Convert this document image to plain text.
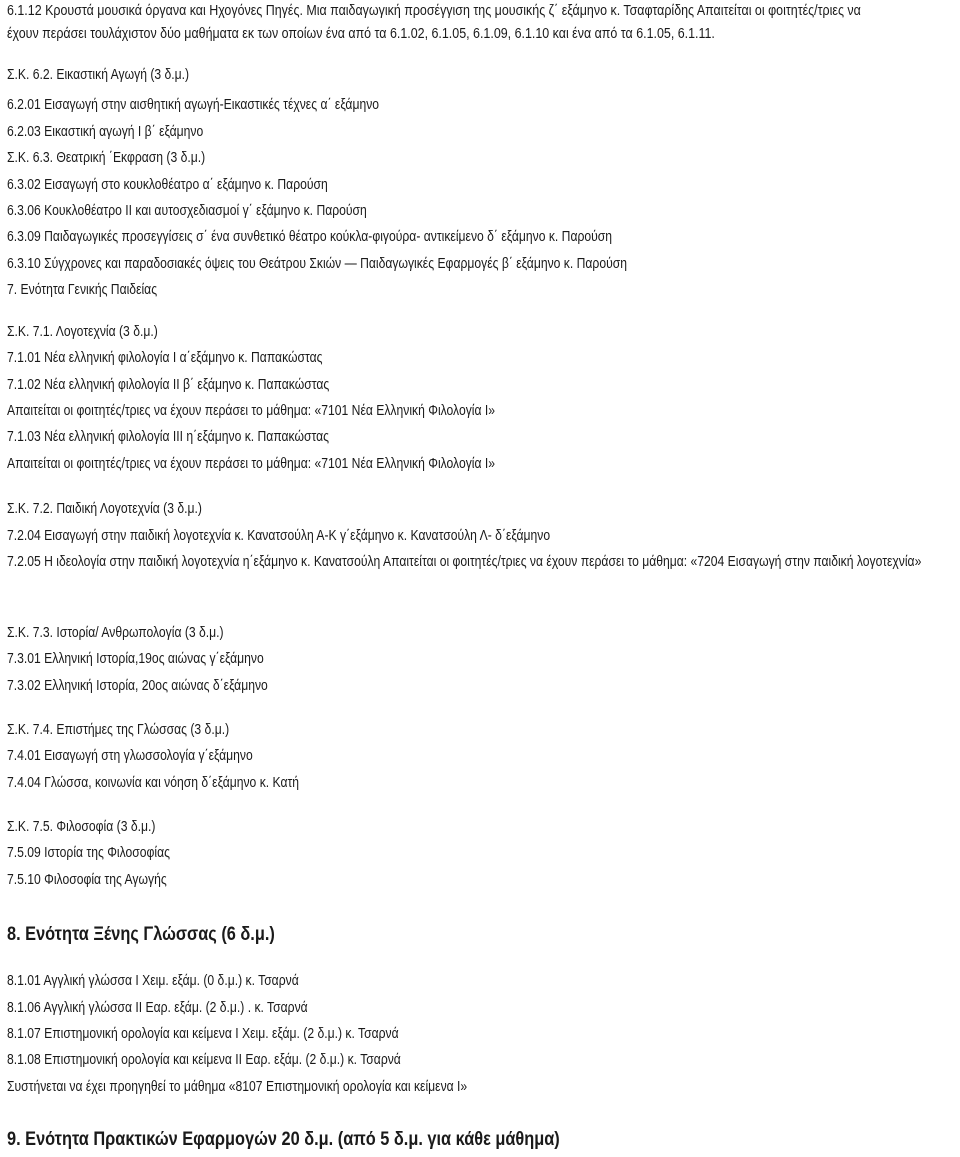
6.1.12 Κρουστά μουσικά όργανα και Ηχογόνες Πηγές. Μια παιδαγωγική προσέγγιση της μουσικής ζ΄ εξάμηνο κ. Τσαφταρίδης Απαιτείται οι φοιτητές/τριες να
έχουν περάσει τουλάχιστον δύο μαθήματα εκ των οποίων ένα από τα 6.1.02, 6.1.05, 6.1.09, 6.1.10 και ένα από τα 6.1.05, 6.1.11.
Σ.Κ. 6.2. Εικαστική Αγωγή (3 δ.μ.)
6.2.01 Εισαγωγή στην αισθητική αγωγή-Εικαστικές τέχνες α΄ εξάμηνο
6.2.03 Εικαστική αγωγή Ι β΄ εξάμηνο
Σ.Κ. 6.3. Θεατρική ΄Εκφραση (3 δ.μ.)
6.3.02 Εισαγωγή στο κουκλοθέατρο α΄ εξάμηνο κ. Παρούση
6.3.06 Κουκλοθέατρο ΙΙ και αυτοσχεδιασμοί γ΄ εξάμηνο κ. Παρούση
6.3.09 Παιδαγωγικές προσεγγίσεις σ΄ ένα συνθετικό θέατρο κούκλα-φιγούρα- αντικείμενο δ΄ εξάμηνο κ. Παρούση
6.3.10 Σύγχρονες και παραδοσιακές όψεις του Θεάτρου Σκιών — Παιδαγωγικές Εφαρμογές β΄ εξάμηνο κ. Παρούση
7. Ενότητα Γενικής Παιδείας
Σ.Κ. 7.1. Λογοτεχνία (3 δ.μ.)
7.1.01 Νέα ελληνική φιλολογία Ι α΄εξάμηνο κ. Παπακώστας
7.1.02 Νέα ελληνική φιλολογία ΙΙ β΄ εξάμηνο κ. Παπακώστας
Απαιτείται οι φοιτητές/τριες να έχουν περάσει το μάθημα: «7101 Νέα Ελληνική Φιλολογία Ι»
7.1.03 Νέα ελληνική φιλολογία ΙΙΙ η΄εξάμηνο κ. Παπακώστας
Απαιτείται οι φοιτητές/τριες να έχουν περάσει το μάθημα: «7101 Νέα Ελληνική Φιλολογία Ι»
Σ.Κ. 7.2. Παιδική Λογοτεχνία (3 δ.μ.)
7.2.04 Εισαγωγή στην παιδική λογοτεχνία κ. Κανατσούλη Α-Κ γ΄εξάμηνο κ. Κανατσούλη Λ- δ΄εξάμηνο
7.2.05 Η ιδεολογία στην παιδική λογοτεχνία η΄εξάμηνο κ. Κανατσούλη Απαιτείται οι φοιτητές/τριες να έχουν περάσει το μάθημα: «7204 Εισαγωγή στην παιδική λογοτεχνία»
Σ.Κ. 7.3. Ιστορία/ Ανθρωπολογία (3 δ.μ.)
7.3.01 Ελληνική Ιστορία,19ος αιώνας γ΄εξάμηνο
7.3.02 Ελληνική Ιστορία, 20ος αιώνας δ΄εξάμηνο
Σ.Κ. 7.4. Επιστήμες της Γλώσσας (3 δ.μ.)
7.4.01 Εισαγωγή στη γλωσσολογία γ΄εξάμηνο
7.4.04 Γλώσσα, κοινωνία και νόηση δ΄εξάμηνο κ. Κατή
Σ.Κ. 7.5. Φιλοσοφία (3 δ.μ.)
7.5.09 Ιστορία της Φιλοσοφίας
7.5.10 Φιλοσοφία της Αγωγής
8. Ενότητα Ξένης Γλώσσας (6 δ.μ.)
8.1.01 Αγγλική γλώσσα Ι Χειμ. εξάμ. (0 δ.μ.) κ. Τσαρνά
8.1.06 Αγγλική γλώσσα ΙΙ Εαρ. εξάμ. (2 δ.μ.) . κ. Τσαρνά
8.1.07 Επιστημονική ορολογία και κείμενα Ι Χειμ. εξάμ. (2 δ.μ.) κ. Τσαρνά
8.1.08 Επιστημονική ορολογία και κείμενα ΙΙ Εαρ. εξάμ. (2 δ.μ.) κ. Τσαρνά
Συστήνεται να έχει προηγηθεί το μάθημα «8107 Επιστημονική ορολογία και κείμενα Ι»
9. Ενότητα Πρακτικών Εφαρμογών 20 δ.μ. (από 5 δ.μ. για κάθε μάθημα)
